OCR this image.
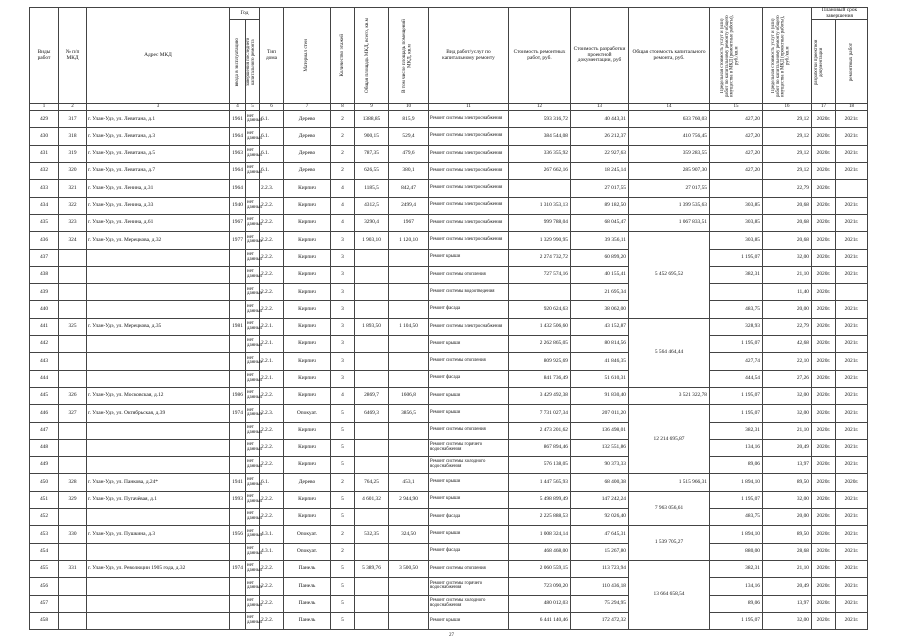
Виды работ	№ п/п МКД	Адрес МКД	Год		Тип дома	Материал стен	Количество этажей	Общая площадь МКД, всего, кв.м	В том числе площадь помещений МКД, кв.м	Вид работ/услуг по капитальному ремонту	Стоимость ремонтных работ, руб.	Стоимость разработки проектной документации, руб	Общая стоимость капитального ремонта, руб.	Предельная стоимость услуг и (или) работ по капитальному ремонту общего имущества в МКД (ремонтные работы), руб./кв.м	Предельная стоимость услуг и (или) работ по капитальному ремонту общего имущества в МКД (проектные работы), руб./кв.м	Плановый срок завершения	

			ввода в эксплуатацию	завершения последнего капитального ремонта												разработки проектной документации	ремонтных работ

1	2	3	4	5	6	7	8	9	10	11	12	13	14	15	16	17	18
429	317	г. Улан-Удэ, ул. Левитана, д.1	1961	нет данных	6.1.	Дерево	2	1388,85	815,9	Ремонт системы электроснабжения	593 316,72	40 443,31	633 760,03	427,20	29,12	2020г.	2021г.
430	318	г. Улан-Удэ, ул. Левитана, д.3	1964	нет данных	6.1.	Дерево	2	900,15	529,4	Ремонт системы электроснабжения	384 544,08	26 212,37	410 756,45	427,20	29,12	2020г.	2021г.
431	319	г. Улан-Удэ, ул. Левитана, д.5	1963	нет данных	6.1.	Дерево	2	787,35	479,6	Ремонт системы электроснабжения	336 355,92	22 927,63	359 283,55	427,20	29,12	2020г.	2021г.
432	320	г. Улан-Удэ, ул. Левитана, д.7	1964	нет данных	6.1.	Дерево	2	626,55	380,1	Ремонт системы электроснабжения	267 662,16	18 245,14	285 907,30	427,20	29,12	2020г.	2021г.
433	321	г. Улан-Удэ, ул. Ленина, д.31	1964		2.2.3.	Кирпич	4	1185,5	842,47	Ремонт системы электроснабжения		27 017,55	27 017,55		22,79	2020г.	
434	322	г. Улан-Удэ, ул. Ленина, д.33	1940	нет данных	2.2.2.	Кирпич	4	4312,5	2499,4	Ремонт системы электроснабжения	1 310 353,13	89 182,50	1 399 535,63	303,85	20,68	2020г.	2021г.
435	323	г. Улан-Удэ, ул. Ленина, д.61	1967	нет данных	2.2.2.	Кирпич	4	3290,4	1967	Ремонт системы электроснабжения	999 788,04	68 045,47	1 067 833,51	303,85	20,68	2020г.	2021г.
436	324	г. Улан-Удэ, ул. Мерецкова, д.32	1977	нет данных	2.2.2.	Кирпич	3	1 903,10	1 120,10	Ремонт системы электроснабжения	1 329 990,95	39 356,11	5 452 695,52	303,85	20,68	2020г.	2021г.
437				нет данных	2.2.2.	Кирпич	3			Ремонт крыши	2 274 732,72	60 899,20		1 195,07	32,00	2020г.	2021г.
438				нет данных	2.2.2.	Кирпич	3			Ремонт системы отопления	727 574,16	40 155,41		382,31	21,10	2020г.	2021г.
439				нет данных	2.2.2.	Кирпич	3			Ремонт системы водоотведения		21 695,34			11,40	2020г.	
440				нет данных	2.2.2.	Кирпич	3			Ремонт фасада	920 624,63	38 062,00		483,75	20,00	2020г.	2021г.
441	325	г. Улан-Удэ, ул. Мерецкова, д.35	1981	нет данных	2.2.1.	Кирпич	3	1 893,50	1 104,50	Ремонт системы электроснабжения	1 432 506,60	43 152,87	5 564 464,44	328,93	22,79	2020г.	2021г.
442				нет данных	2.2.1.	Кирпич	3			Ремонт крыши	2 262 865,05	80 814,56		1 195,07	42,68	2020г.	2021г.
443				нет данных	2.2.1.	Кирпич	3			Ремонт системы отопления	809 925,69	41 846,35		427,74	22,10	2020г.	2021г.
444				нет данных	2.2.1.	Кирпич	3			Ремонт фасада	841 736,49	51 610,31		444,54	27,26	2020г.	2021г.
445	326	г. Улан-Удэ, ул. Московская, д.12	1986	нет данных	2.2.2.	Кирпич	4	2869,7	1606,8	Ремонт крыши	3 429 492,38	91 830,40	3 521 322,78	1 195,07	32,00	2020г.	2021г.
446	327	г. Улан-Удэ, ул. Октябрьская, д.39	1974	нет данных	2.2.3.	Опокуат.	5	6469,3	3856,5	Ремонт крыши	7 731 027,34	207 011,20	12 214 695,87	1 195,07	32,00	2020г.	2021г.
447				нет данных	2.2.2.	Кирпич	5			Ремонт системы отопления	2 473 201,62	136 498,01		382,31	21,10	2020г.	2021г.
448				нет данных	2.2.2.	Кирпич	5			Ремонт системы горячего водоснабжения	867 894,46	132 551,86		134,16	20,49	2020г.	2021г.
449				нет данных	2.2.2.	Кирпич	5			Ремонт системы холодного водоснабжения	576 138,05	90 373,33		89,06	13,97	2020г.	2021г.
450	328	г. Улан-Удэ, ул. Панкова, д.24*	1941	нет данных	6.1.	Дерево	2	764,25	453,1	Ремонт крыши	1 447 565,93	68 400,38	1 515 966,31	1 894,10	89,50	2020г.	2020г.
451	329	г. Улан-Удэ, ул. Пугачёвая, д.1	1993	нет данных	2.2.2.	Кирпич	5	4 601,32	2 944,90	Ремонт крыши	5 498 899,49	147 242,24	7 963 056,61	1 195,07	32,00	2020г.	2021г.
452				нет данных	2.2.2.	Кирпич	5			Ремонт фасада	2 225 888,53	92 026,40		483,75	20,00	2020г.	2021г.
453	330	г. Улан-Удэ, ул. Пушкина, д.3	1956	нет данных	4.3.1.	Опокуат.	2	532,35	324,50	Ремонт крыши	1 008 324,14	47 645,31	1 539 705,27	1 894,10	89,50	2020г.	2021г.
454				нет данных	4.3.1.	Опокуат.	2			Ремонт фасада	468 468,00	15 267,80		880,00	28,68	2020г.	2021г.
455	331	г. Улан-Удэ, ул. Революции 1905 года, д.32	1974	нет данных	2.2.2.	Панель	5	5 389,76	3 500,50	Ремонт системы отопления	2 060 559,15	113 723,94	13 664 658,54	382,31	21,10	2020г.	2021г.
456				нет данных	2.2.2.	Панель	5			Ремонт системы горячего водоснабжения	723 090,20	110 436,18		134,16	20,49	2020г.	2021г.
457				нет данных	2.2.2.	Панель	5			Ремонт системы холодного водоснабжения	480 012,03	75 294,95		89,06	13,97	2020г.	2021г.
458				нет данных	2.2.2.	Панель	5			Ремонт крыши	6 441 140,46	172 472,32		1 195,07	32,00	2020г.	2021г.
27
